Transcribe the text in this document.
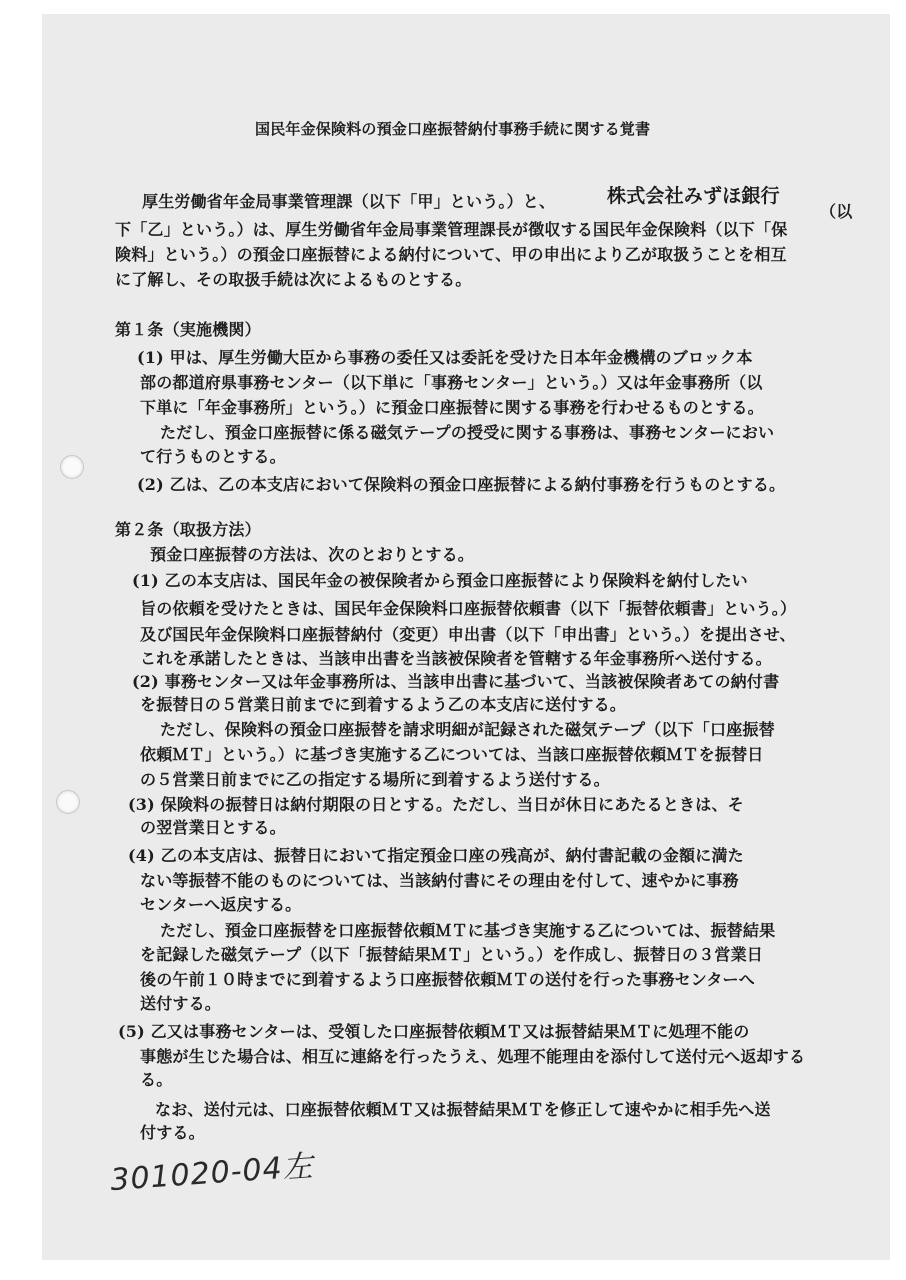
国民年金保険料の預金口座振替納付事務手続に関する覚書
厚生労働省年金局事業管理課（以下「甲」という。）と、	株式会社みずほ銀行
（以
下「乙」という。）は、厚生労働省年金局事業管理課長が徴収する国民年金保険料（以下「保
険料」という。）の預金口座振替による納付について、甲の申出により乙が取扱うことを相互
に了解し、その取扱手続は次によるものとする。
第１条（実施機関）
(1) 甲は、厚生労働大臣から事務の委任又は委託を受けた日本年金機構のブロック本
部の都道府県事務センター（以下単に「事務センター」という。）又は年金事務所（以
下単に「年金事務所」という。）に預金口座振替に関する事務を行わせるものとする。
ただし、預金口座振替に係る磁気テープの授受に関する事務は、事務センターにおい
て行うものとする。
(2) 乙は、乙の本支店において保険料の預金口座振替による納付事務を行うものとする。
第２条（取扱方法）
預金口座振替の方法は、次のとおりとする。
(1) 乙の本支店は、国民年金の被保険者から預金口座振替により保険料を納付したい
旨の依頼を受けたときは、国民年金保険料口座振替依頼書（以下「振替依頼書」という。）
及び国民年金保険料口座振替納付（変更）申出書（以下「申出書」という。）を提出させ、
これを承諾したときは、当該申出書を当該被保険者を管轄する年金事務所へ送付する。
(2) 事務センター又は年金事務所は、当該申出書に基づいて、当該被保険者あての納付書
を振替日の５営業日前までに到着するよう乙の本支店に送付する。
ただし、保険料の預金口座振替を請求明細が記録された磁気テープ（以下「口座振替
依頼ＭＴ」という。）に基づき実施する乙については、当該口座振替依頼ＭＴを振替日
の５営業日前までに乙の指定する場所に到着するよう送付する。
(3) 保険料の振替日は納付期限の日とする。ただし、当日が休日にあたるときは、そ
の翌営業日とする。
(4) 乙の本支店は、振替日において指定預金口座の残高が、納付書記載の金額に満た
ない等振替不能のものについては、当該納付書にその理由を付して、速やかに事務
センターへ返戻する。
ただし、預金口座振替を口座振替依頼ＭＴに基づき実施する乙については、振替結果
を記録した磁気テープ（以下「振替結果ＭＴ」という。）を作成し、振替日の３営業日
後の午前１０時までに到着するよう口座振替依頼ＭＴの送付を行った事務センターへ
送付する。
(5) 乙又は事務センターは、受領した口座振替依頼ＭＴ又は振替結果ＭＴに処理不能の
事態が生じた場合は、相互に連絡を行ったうえ、処理不能理由を添付して送付元へ返却する
る。
なお、送付元は、口座振替依頼ＭＴ又は振替結果ＭＴを修正して速やかに相手先へ送
付する。
301020-04左
